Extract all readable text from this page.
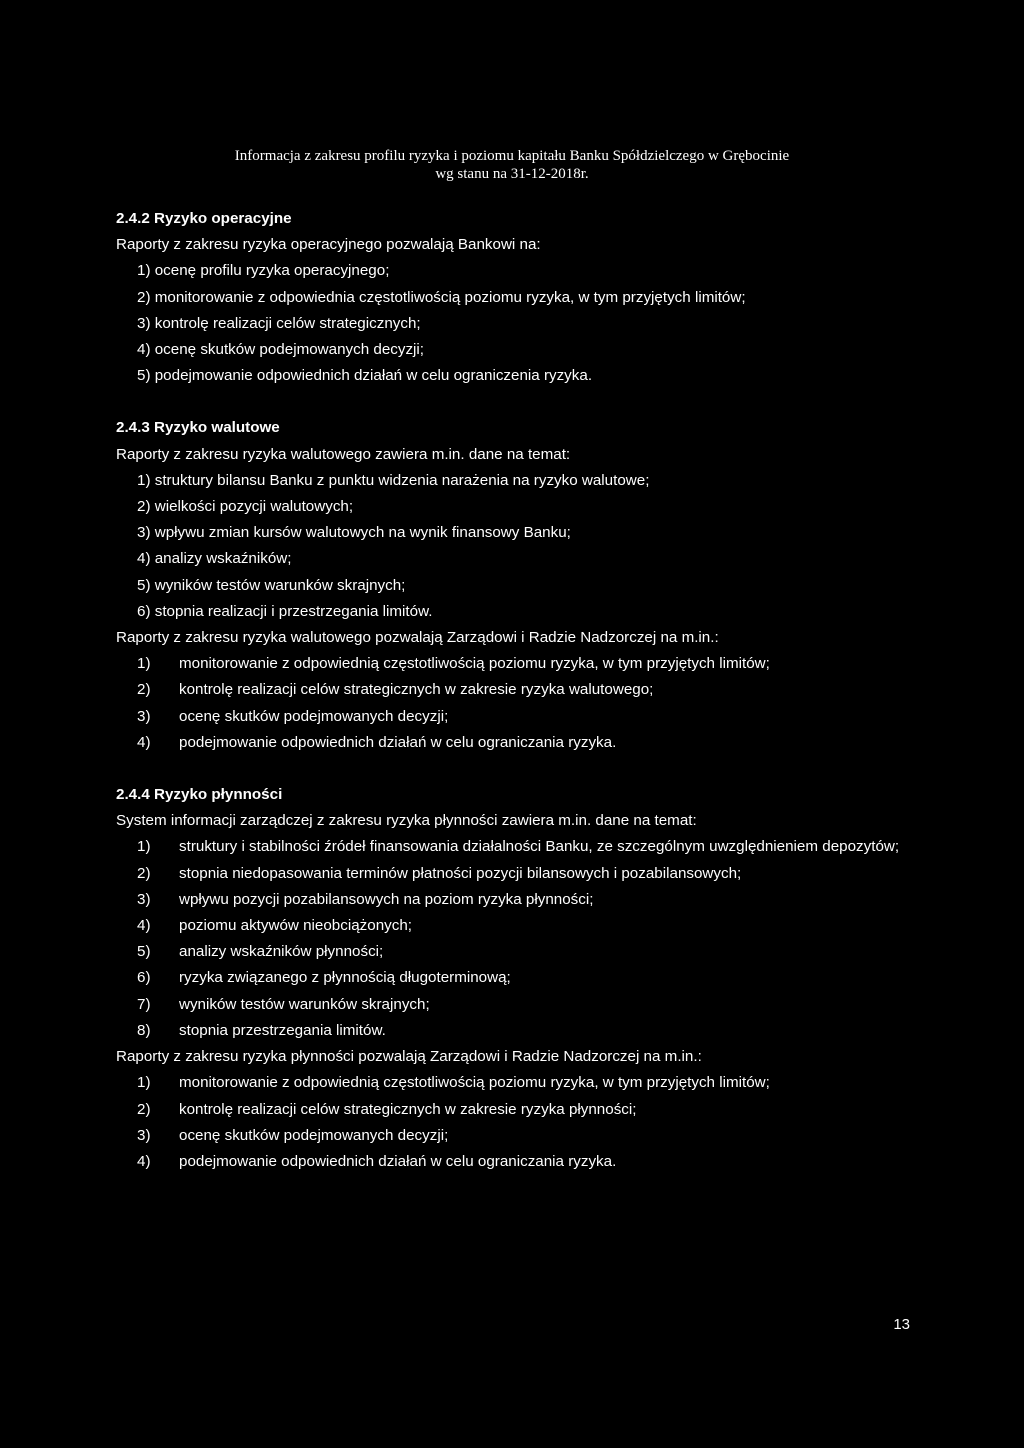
Informacja z zakresu profilu ryzyka i poziomu kapitału Banku Spółdzielczego w Grębocinie
wg stanu na 31-12-2018r.

2.4.2 Ryzyko operacyjne

Raporty z zakresu ryzyka operacyjnego pozwalają Bankowi na:

1) ocenę profilu ryzyka operacyjnego;
2) monitorowanie z odpowiednia częstotliwością poziomu ryzyka, w tym przyjętych limitów;
3) kontrolę realizacji celów strategicznych;
4) ocenę skutków podejmowanych decyzji;
5) podejmowanie odpowiednich działań w celu ograniczenia ryzyka.

2.4.3 Ryzyko walutowe

Raporty z zakresu ryzyka walutowego zawiera m.in. dane na temat:

1) struktury bilansu Banku z punktu widzenia narażenia na ryzyko walutowe;
2) wielkości pozycji walutowych;
3) wpływu zmian kursów walutowych na wynik finansowy Banku;
4) analizy wskaźników;
5) wyników testów warunków skrajnych;
6) stopnia realizacji i przestrzegania limitów.

Raporty z zakresu ryzyka walutowego pozwalają Zarządowi i Radzie Nadzorczej na m.in.:

1)	monitorowanie z odpowiednią częstotliwością poziomu ryzyka, w tym przyjętych limitów;
2)	kontrolę realizacji celów strategicznych w zakresie ryzyka walutowego;
3)	ocenę skutków podejmowanych decyzji;
4)	podejmowanie odpowiednich działań w celu ograniczania ryzyka.

2.4.4 Ryzyko płynności

System informacji zarządczej z zakresu ryzyka płynności zawiera m.in. dane na temat:

1)	struktury i stabilności źródeł finansowania działalności Banku, ze szczególnym uwzględnieniem depozytów;
2)	stopnia niedopasowania terminów płatności pozycji bilansowych i pozabilansowych;
3)	wpływu pozycji pozabilansowych na poziom ryzyka płynności;
4)	poziomu aktywów nieobciążonych;
5)	analizy wskaźników płynności;
6)	ryzyka związanego z płynnością długoterminową;
7)	wyników testów warunków skrajnych;
8)	stopnia przestrzegania limitów.

Raporty z zakresu ryzyka płynności pozwalają Zarządowi i Radzie Nadzorczej na m.in.:

1)	monitorowanie z odpowiednią częstotliwością poziomu ryzyka, w tym przyjętych limitów;
2)	kontrolę realizacji celów strategicznych w zakresie ryzyka płynności;
3)	ocenę skutków podejmowanych decyzji;
4)	podejmowanie odpowiednich działań w celu ograniczania ryzyka.
13
